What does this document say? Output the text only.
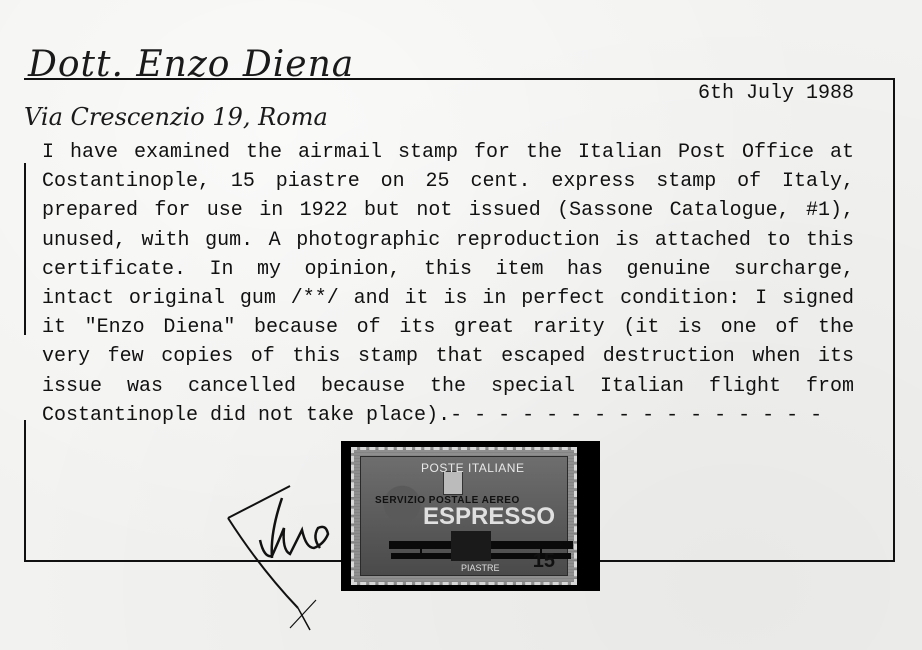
Dott. Enzo Diena
Via Crescenzio 19, Roma
6th July 1988
I have examined the airmail stamp for the Italian Post Office at
Costantinople, 15 piastre on 25 cent. express stamp of Italy,
prepared for use in 1922 but not issued (Sassone Catalogue, #1),
unused, with gum. A photographic reproduction is attached to this
certificate. In my opinion, this item has genuine surcharge,
intact original gum /**/ and it is in perfect condition: I signed
it "Enzo Diena" because of its great rarity (it is one of the
very few copies of this stamp that escaped destruction when its
issue was cancelled because the special Italian flight from
Costantinople did not take place).- - - - - - - - - - - - - - - -
POSTE ITALIANE
SERVIZIO POSTALE AEREO
ESPRESSO
PIASTRE 15
